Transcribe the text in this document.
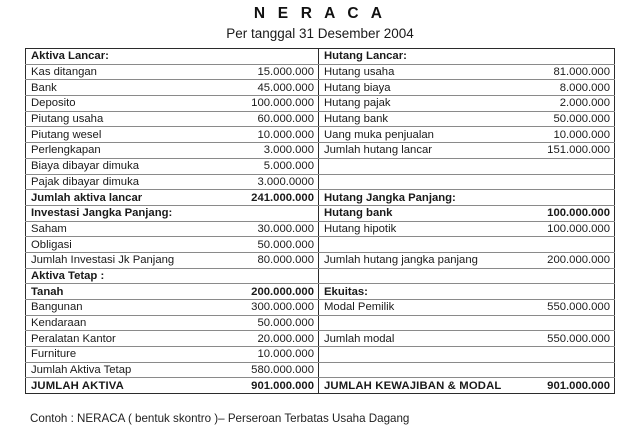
N E R A C A
Per tanggal 31 Desember 2004
Aktiva Lancar:		Hutang Lancar:	
Kas ditangan	15.000.000	Hutang usaha	81.000.000
Bank	45.000.000	Hutang biaya	8.000.000
Deposito	100.000.000	Hutang pajak	2.000.000
Piutang usaha	60.000.000	Hutang bank	50.000.000
Piutang wesel	10.000.000	Uang muka penjualan	10.000.000
Perlengkapan	3.000.000	Jumlah hutang lancar	151.000.000
Biaya dibayar dimuka	5.000.000		
Pajak dibayar dimuka	3.000.0000		
Jumlah aktiva lancar	241.000.000	Hutang Jangka Panjang:	
Investasi Jangka Panjang:		Hutang bank	100.000.000
Saham	30.000.000	Hutang hipotik	100.000.000
Obligasi	50.000.000		
Jumlah Investasi Jk Panjang	80.000.000	Jumlah hutang jangka panjang	200.000.000
Aktiva Tetap :			
Tanah	200.000.000	Ekuitas:	
Bangunan	300.000.000	Modal Pemilik	550.000.000
Kendaraan	50.000.000		
Peralatan Kantor	20.000.000	Jumlah modal	550.000.000
Furniture	10.000.000		
Jumlah Aktiva Tetap	580.000.000		
JUMLAH AKTIVA	901.000.000	JUMLAH KEWAJIBAN & MODAL	901.000.000
Contoh : NERACA ( bentuk skontro )– Perseroan Terbatas Usaha Dagang
